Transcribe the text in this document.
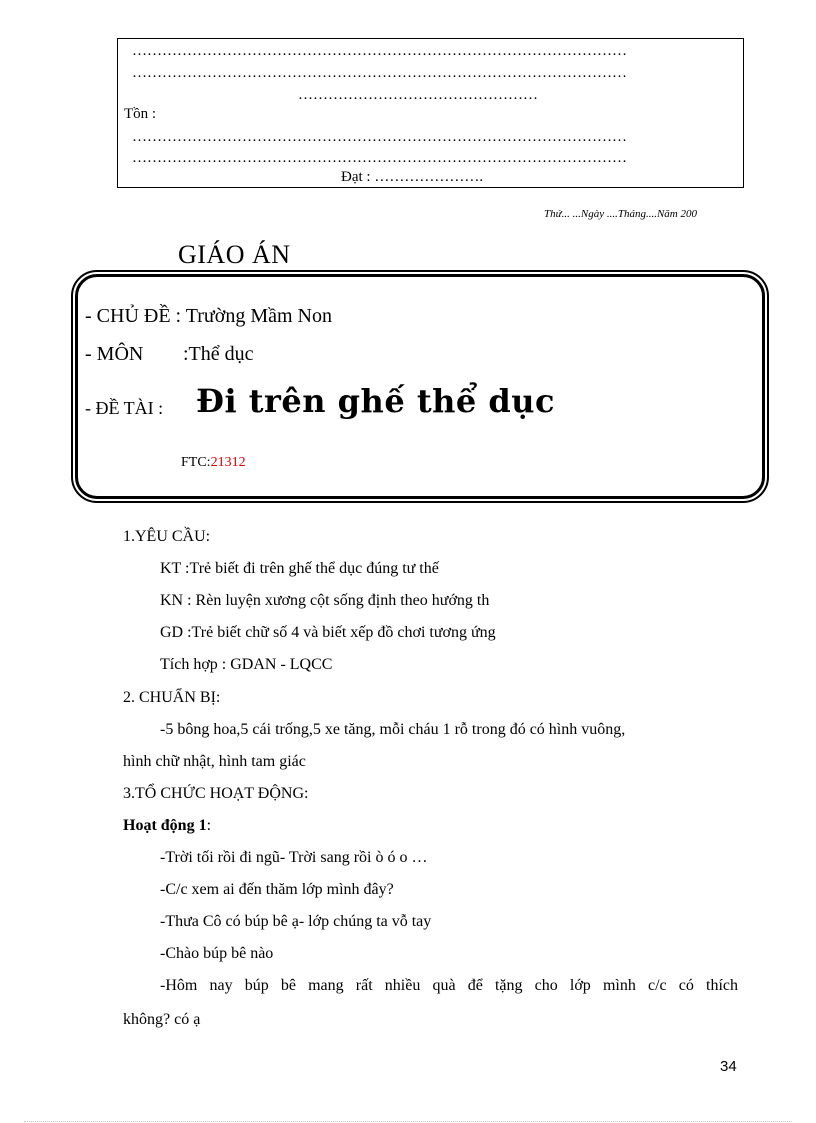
………………………………………………………………………………………
………………………………………………………………………………………
…………………………………………
Tồn :
………………………………………………………………………………………
………………………………………………………………………………………
Đạt : ………………….
Thứ... ...Ngày ....Tháng....Năm 200
GIÁO ÁN
- CHỦ ĐỀ : Trường Mầm Non
- MÔN :Thể dục
- ĐỀ TÀI : Đi trên ghế thể dục
FTC:21312
1.YÊU CẦU:
KT :Trẻ biết đi trên ghế thể dục đúng tư thế
KN : Rèn luyện xương cột sống định theo hướng th
GD :Trẻ biết chữ số 4 và biết xếp đồ chơi tương ứng
Tích hợp : GDAN - LQCC
2. CHUẨN BỊ:
-5 bông hoa,5 cái trống,5 xe tăng, mỗi cháu 1 rỗ trong đó có hình vuông,
hình chữ nhật, hình tam giác
3.TỔ CHỨC HOẠT ĐỘNG:
Hoạt động 1:
-Trời tối rồi đi ngũ- Trời sang rồi ò ó o …
-C/c xem ai đến thăm lớp mình đây?
-Thưa Cô có búp bê ạ- lớp chúng ta vỗ tay
-Chào búp bê nào
-Hôm nay búp bê mang rất nhiều quà để tặng cho lớp mình c/c có thích
không? có ạ
34
